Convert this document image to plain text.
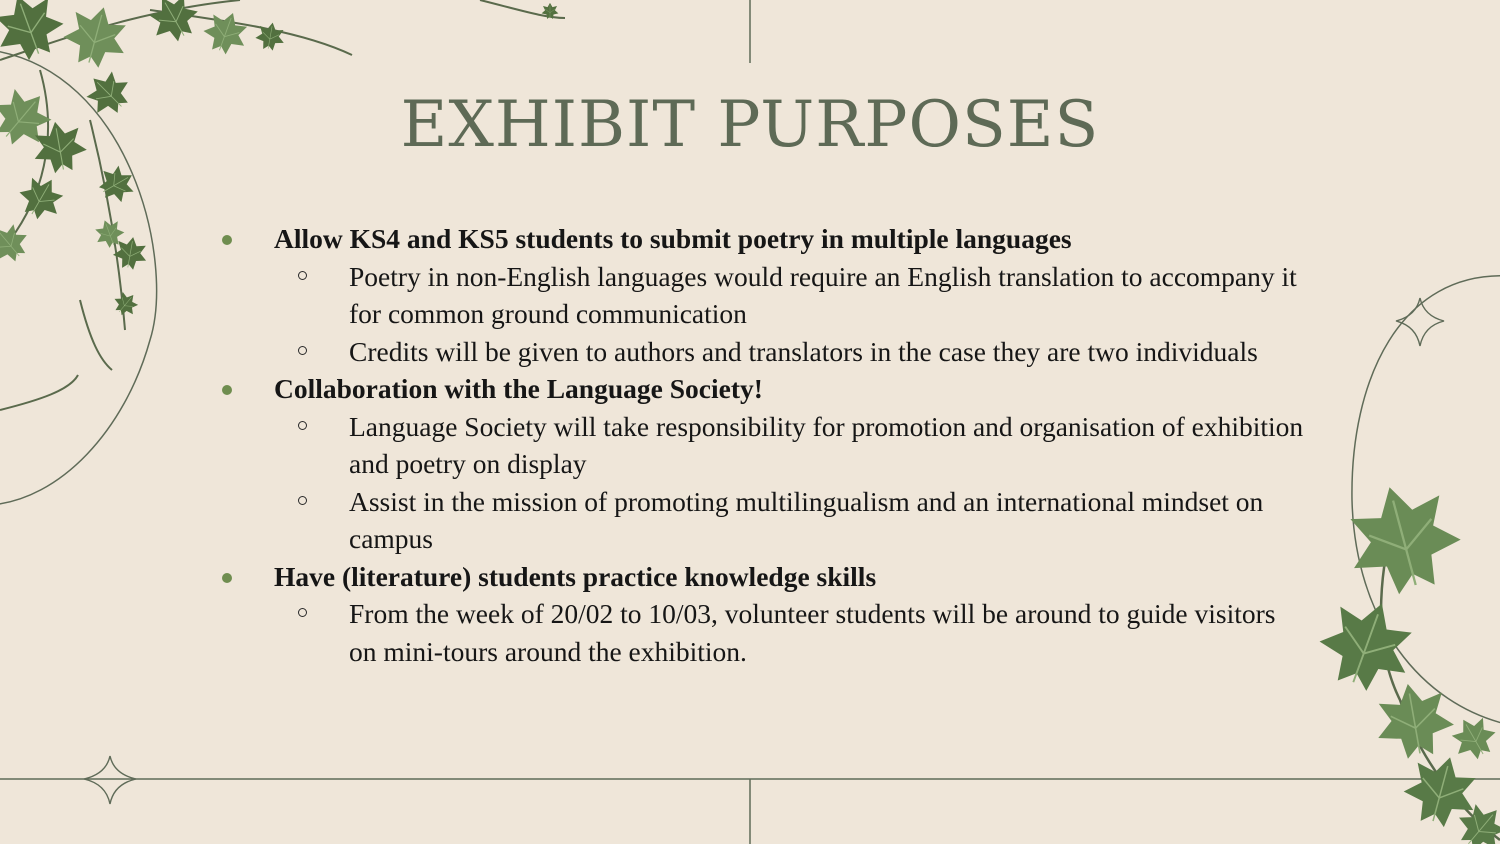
EXHIBIT PURPOSES
Allow KS4 and KS5 students to submit poetry in multiple languages
Poetry in non-English languages would require an English translation to accompany it for common ground communication
Credits will be given to authors and translators in the case they are two individuals
Collaboration with the Language Society!
Language Society will take responsibility for promotion and organisation of exhibition and poetry on display
Assist in the mission of promoting multilingualism and an international mindset on campus
Have (literature) students practice knowledge skills
From the week of 20/02 to 10/03, volunteer students will be around to guide visitors on mini-tours around the exhibition.
